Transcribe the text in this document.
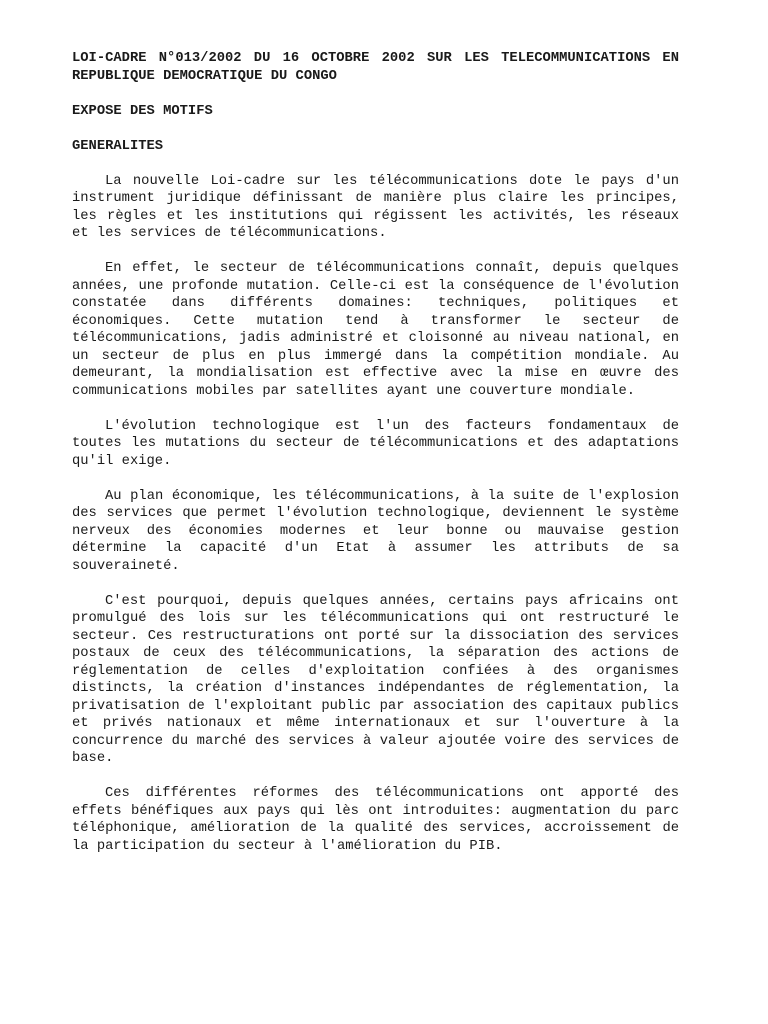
LOI-CADRE N°013/2002 DU 16 OCTOBRE 2002 SUR LES TELECOMMUNICATIONS EN REPUBLIQUE DEMOCRATIQUE DU CONGO
EXPOSE DES MOTIFS
GENERALITES

La nouvelle Loi-cadre sur les télécommunications dote le pays d'un instrument juridique définissant de manière plus claire les principes, les règles et les institutions qui régissent les activités, les réseaux et les services de télécommunications.

En effet, le secteur de télécommunications connaît, depuis quelques années, une profonde mutation. Celle-ci est la conséquence de l'évolution constatée dans différents domaines: techniques, politiques et économiques. Cette mutation tend à transformer le secteur de télécommunications, jadis administré et cloisonné au niveau national, en un secteur de plus en plus immergé dans la compétition mondiale. Au demeurant, la mondialisation est effective avec la mise en œuvre des communications mobiles par satellites ayant une couverture mondiale.

L'évolution technologique est l'un des facteurs fondamentaux de toutes les mutations du secteur de télécommunications et des adaptations qu'il exige.

Au plan économique, les télécommunications, à la suite de l'explosion des services que permet l'évolution technologique, deviennent le système nerveux des économies modernes et leur bonne ou mauvaise gestion détermine la capacité d'un Etat à assumer les attributs de sa souveraineté.

C'est pourquoi, depuis quelques années, certains pays africains ont promulgué des lois sur les télécommunications qui ont restructuré le secteur. Ces restructurations ont porté sur la dissociation des services postaux de ceux des télécommunications, la séparation des actions de réglementation de celles d'exploitation confiées à des organismes distincts, la création d'instances indépendantes de réglementation, la privatisation de l'exploitant public par association des capitaux publics et privés nationaux et même internationaux et sur l'ouverture à la concurrence du marché des services à valeur ajoutée voire des services de base.

Ces différentes réformes des télécommunications ont apporté des effets bénéfiques aux pays qui lès ont introduites: augmentation du parc téléphonique, amélioration de la qualité des services, accroissement de la participation du secteur à l'amélioration du PIB.
